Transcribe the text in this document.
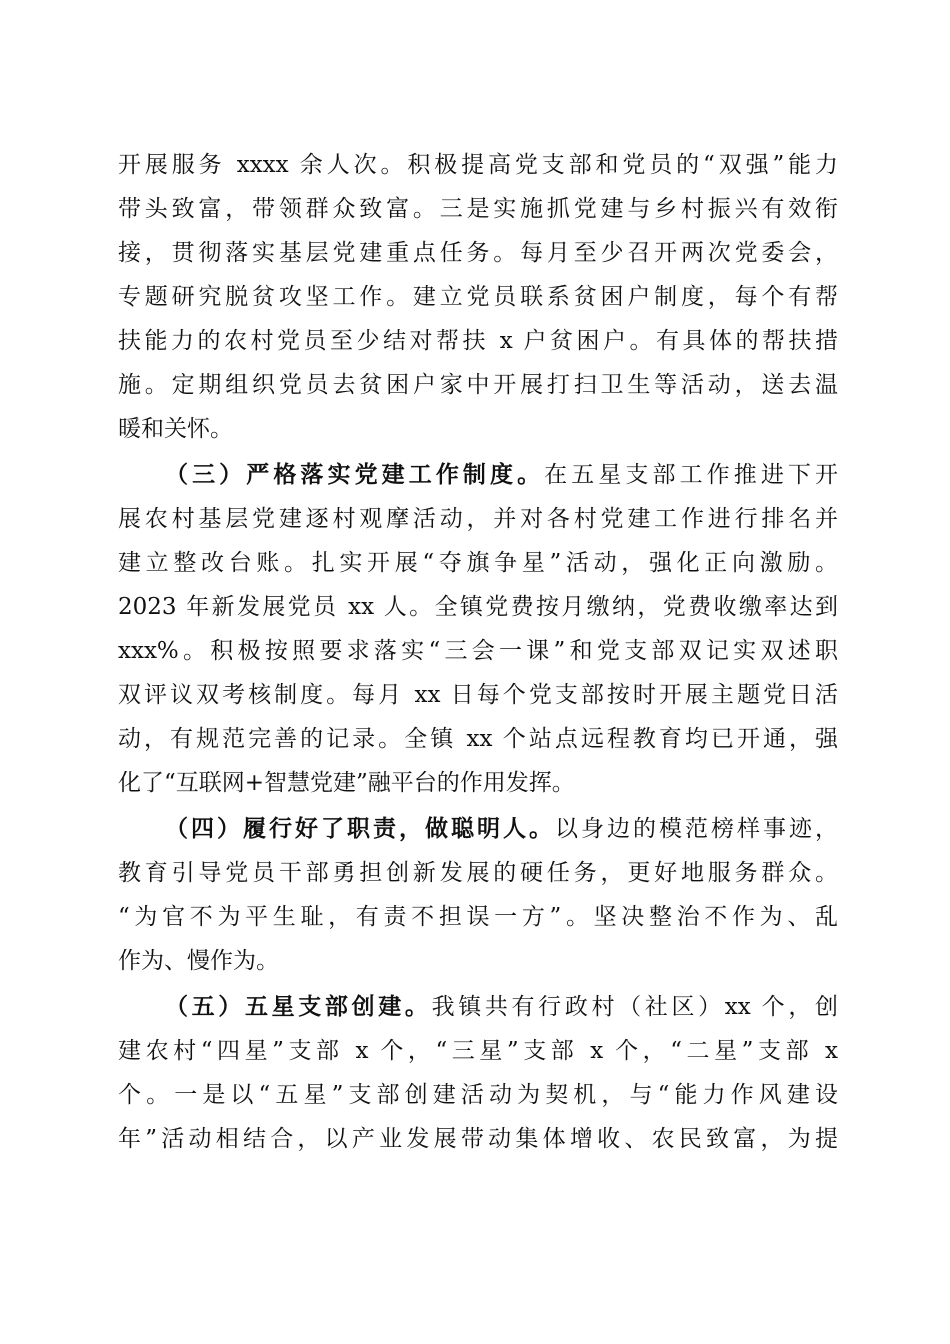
开展服务 xxxx 余人次。积极提高党支部和党员的“双强”能力
带头致富，带领群众致富。三是实施抓党建与乡村振兴有效衔
接，贯彻落实基层党建重点任务。每月至少召开两次党委会，
专题研究脱贫攻坚工作。建立党员联系贫困户制度，每个有帮
扶能力的农村党员至少结对帮扶 x 户贫困户。有具体的帮扶措
施。定期组织党员去贫困户家中开展打扫卫生等活动，送去温
暖和关怀。
（三）严格落实党建工作制度。在五星支部工作推进下开
展农村基层党建逐村观摩活动，并对各村党建工作进行排名并
建立整改台账。扎实开展“夺旗争星”活动，强化正向激励。
2023 年新发展党员 xx 人。全镇党费按月缴纳，党费收缴率达到
xxx%。积极按照要求落实“三会一课”和党支部双记实双述职
双评议双考核制度。每月 xx 日每个党支部按时开展主题党日活
动，有规范完善的记录。全镇 xx 个站点远程教育均已开通，强
化了“互联网+智慧党建”融平台的作用发挥。
（四）履行好了职责，做聪明人。以身边的模范榜样事迹，
教育引导党员干部勇担创新发展的硬任务，更好地服务群众。
“为官不为平生耻，有责不担误一方”。坚决整治不作为、乱
作为、慢作为。
（五）五星支部创建。我镇共有行政村（社区）xx 个，创
建农村“四星”支部 x 个，“三星”支部 x 个，“二星”支部 x
个。一是以“五星”支部创建活动为契机，与“能力作风建设
年”活动相结合，以产业发展带动集体增收、农民致富，为提
